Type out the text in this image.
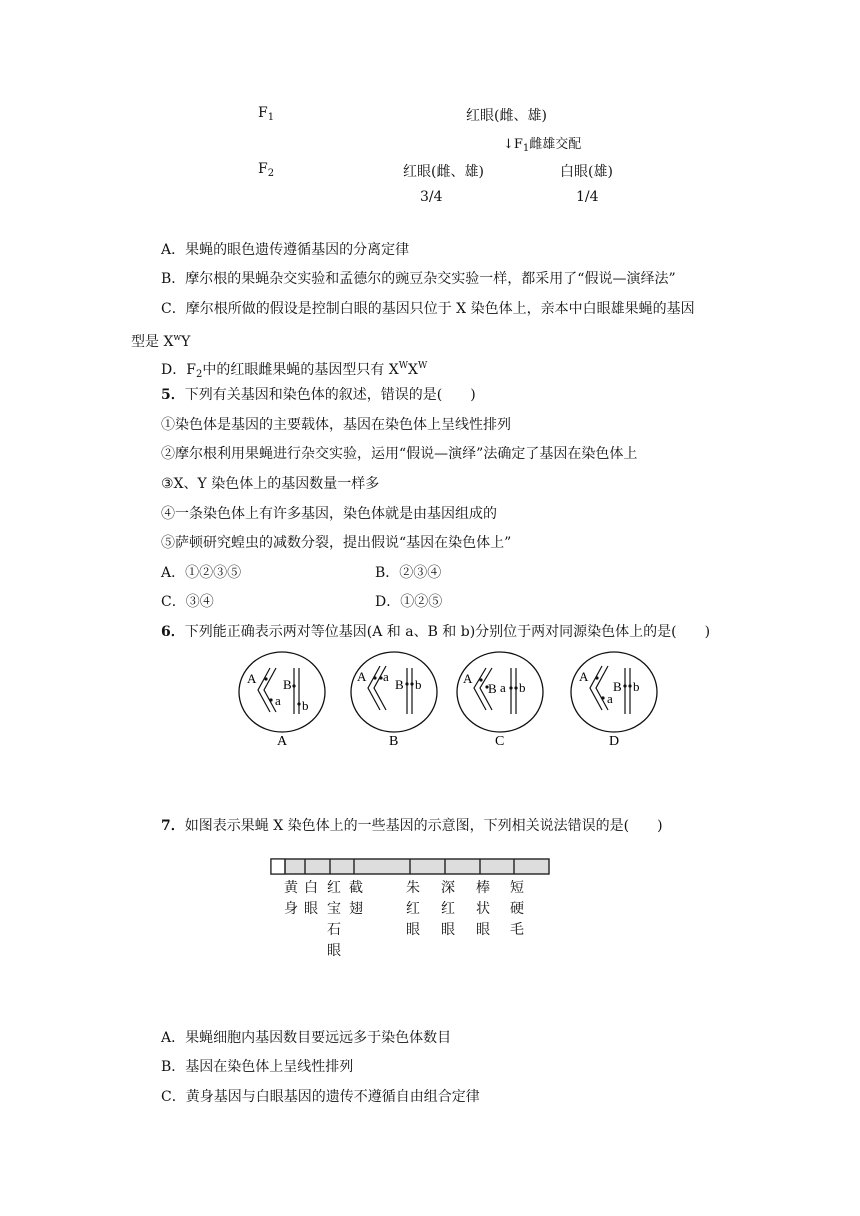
$F_1$	红眼(雌、雄)
$↓F_1$雌雄交配
$F_2$	红眼(雌、雄)	白眼(雄)
3/4	1/4
A．果蝇的眼色遗传遵循基因的分离定律
B．摩尔根的果蝇杂交实验和孟德尔的豌豆杂交实验一样，都采用了“假说—演绎法”
C．摩尔根所做的假设是控制白眼的基因只位于 X 染色体上，亲本中白眼雄果蝇的基因
型是 $X^wY$
D．$F_2$中的红眼雌果蝇的基因型只有 $X^WX^W$
5．下列有关基因和染色体的叙述，错误的是(　　)
①染色体是基因的主要载体，基因在染色体上呈线性排列
②摩尔根利用果蝇进行杂交实验，运用“假说—演绎”法确定了基因在染色体上
③X、Y 染色体上的基因数量一样多
④一条染色体上有许多基因，染色体就是由基因组成的
⑤萨顿研究蝗虫的减数分裂，提出假说“基因在染色体上”
A．①②③⑤	B．②③④
C．③④	D．①②⑤
6．下列能正确表示两对等位基因(A 和 a、B 和 b)分别位于两对同源染色体上的是(　　)
A
a
B
b
A
A a
B b
B
A
B a b
C
A
a
B b
D
7．如图表示果蝇 X 染色体上的一些基因的示意图，下列相关说法错误的是(　　)
黄
身
白
眼
红
宝
石
眼
截
翅
朱
红
眼
深
红
眼
棒
状
眼
短
硬
毛
A．果蝇细胞内基因数目要远远多于染色体数目
B．基因在染色体上呈线性排列
C．黄身基因与白眼基因的遗传不遵循自由组合定律
